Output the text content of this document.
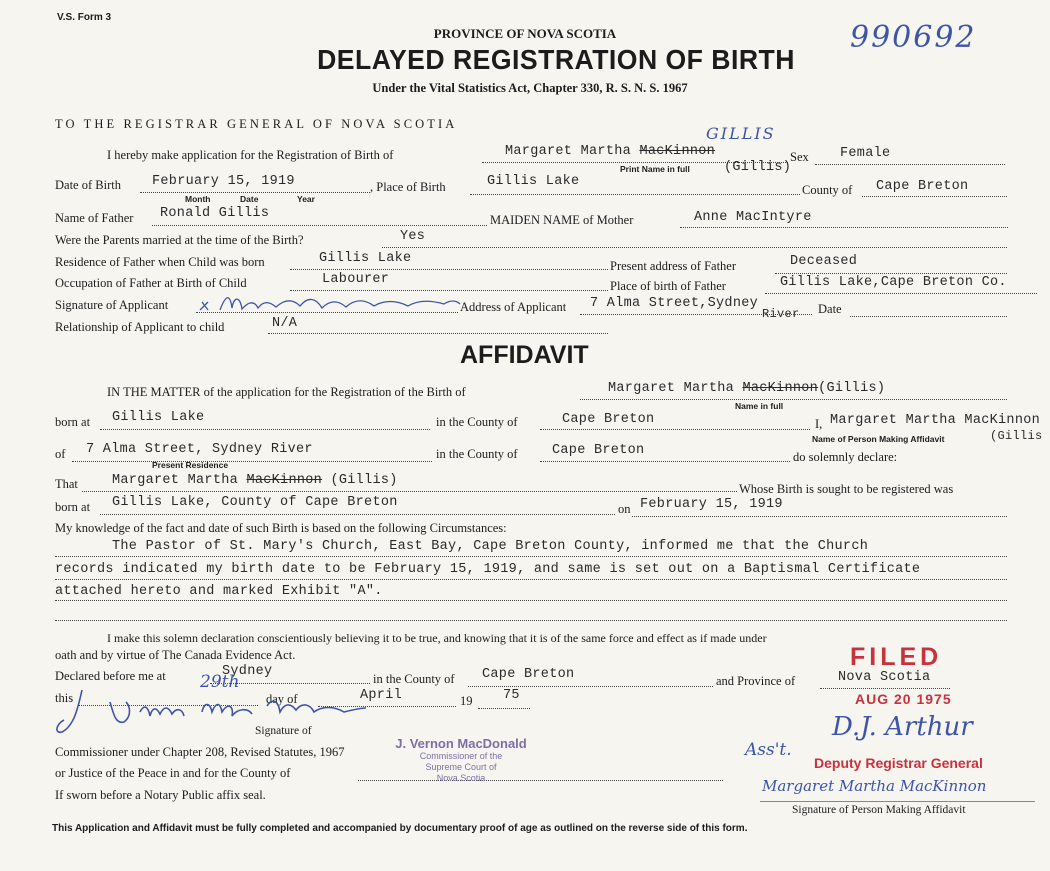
V.S. Form 3
990692
PROVINCE OF NOVA SCOTIA
DELAYED REGISTRATION OF BIRTH
Under the Vital Statistics Act, Chapter 330, R. S. N. S. 1967
TO THE REGISTRAR GENERAL OF NOVA SCOTIA
I hereby make application for the Registration of Birth of	Margaret Martha MacKinnon
GILLIS
(Gillis)
Print Name in full
Sex Female
Date of Birth February 15, 1919
Month	Date	Year
, Place of Birth	Gillis Lake
County of Cape Breton
Name of Father Ronald Gillis	MAIDEN NAME of Mother	Anne MacIntyre
Were the Parents married at the time of the Birth?	Yes
Residence of Father when Child was born	Gillis Lake	Present address of Father	Deceased
Occupation of Father at Birth of Child	Labourer	Place of birth of Father	Gillis Lake,Cape Breton Co.
Signature of Applicant	Address of Applicant 7 Alma Street,Sydney
River Date
Relationship of Applicant to child	N/A
AFFIDAVIT
IN THE MATTER of the application for the Registration of the Birth of	Margaret Martha MacKinnon(Gillis)
Name in full
born at Gillis Lake	in the County of	Cape Breton	I, Margaret Martha MacKinnon
Name of Person Making Affidavit	(Gillis
of 7 Alma Street, Sydney River
Present Residence
in the County of	Cape Breton	do solemnly declare:
That	Margaret Martha MacKinnon (Gillis)
Whose Birth is sought to be registered was
born at Gillis Lake, County of Cape Breton	on February 15, 1919
My knowledge of the fact and date of such Birth is based on the following Circumstances:
The Pastor of St. Mary's Church, East Bay, Cape Breton County, informed me that the Church
records indicated my birth date to be February 15, 1919, and same is set out on a Baptismal Certificate
attached hereto and marked Exhibit "A".
I make this solemn declaration conscientiously believing it to be true, and knowing that it is of the same force and effect as if made under
oath and by virtue of The Canada Evidence Act.
Declared before me at	Sydney	in the County of Cape Breton	and Province of	Nova Scotia
this
29th
day of	April	19 75
Signature of
Commissioner under Chapter 208, Revised Statutes, 1967
or Justice of the Peace in and for the County of
If sworn before a Notary Public affix seal.
J. Vernon MacDonald
Commissioner of the
Supreme Court of
Nova Scotia
FILED
AUG 20 1975
Ass't.
D.J. Arthur
Deputy Registrar General
Margaret Martha MacKinnon
Signature of Person Making Affidavit
This Application and Affidavit must be fully completed and accompanied by documentary proof of age as outlined on the reverse side of this form.
